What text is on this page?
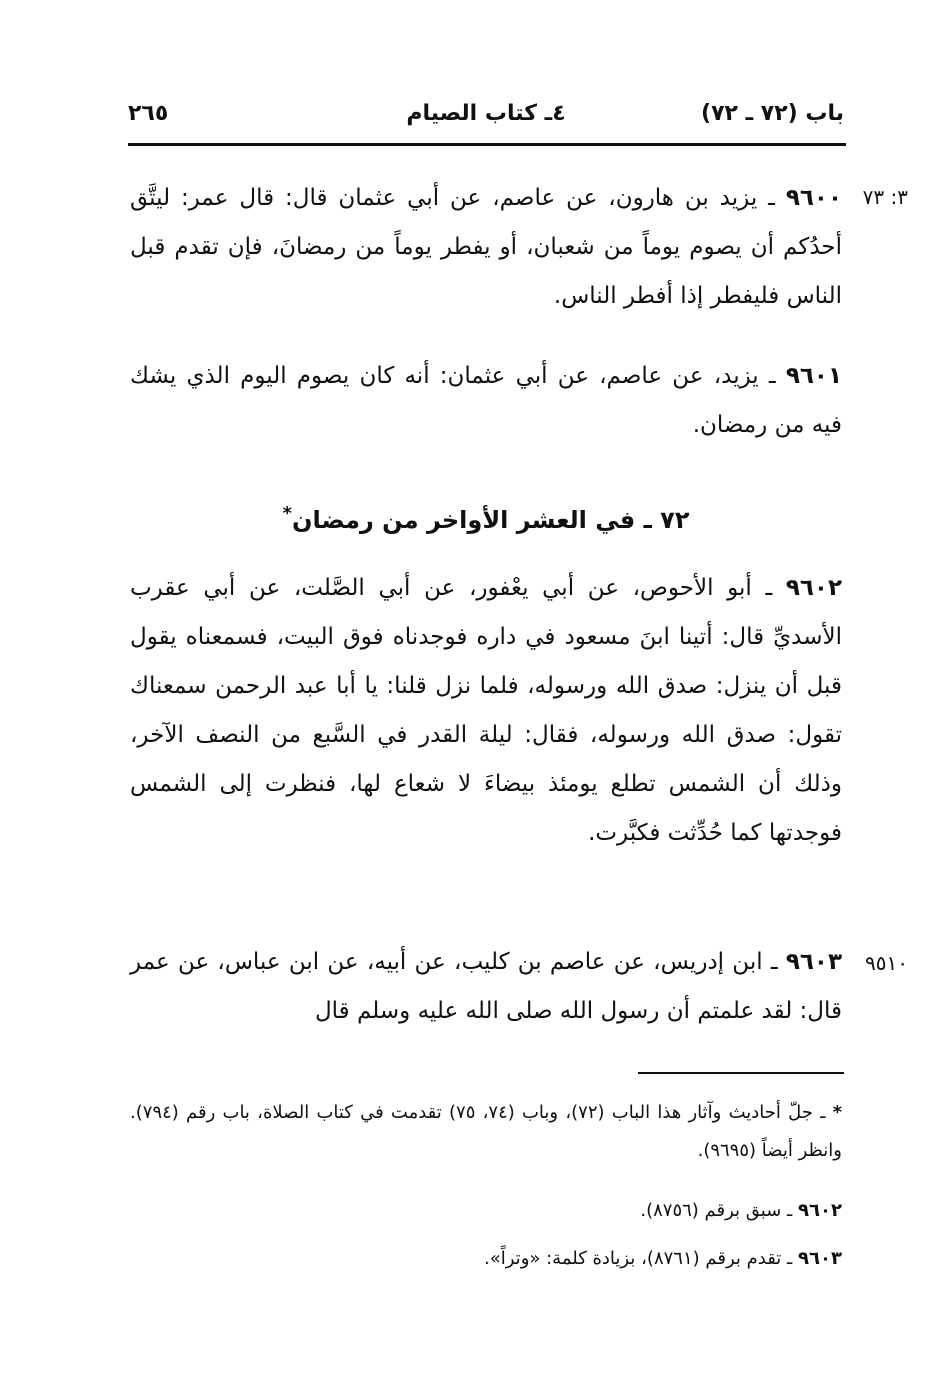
باب (٧٢ ـ ٧٢)
٤ـ كتاب الصيام
٢٦٥
٣: ٧٣
٩٦٠٠ ـ يزيد بن هارون، عن عاصم، عن أبي عثمان قال: قال عمر: ليتَّق أحدُكم أن يصوم يوماً من شعبان، أو يفطر يوماً من رمضانَ، فإن تقدم قبل الناس فليفطر إذا أفطر الناس.
٩٦٠١ ـ يزيد، عن عاصم، عن أبي عثمان: أنه كان يصوم اليوم الذي يشك فيه من رمضان.
٧٢ ـ في العشر الأواخر من رمضان*
٩٦٠٢ ـ أبو الأحوص، عن أبي يعْفور، عن أبي الصَّلت، عن أبي عقرب الأسديِّ قال: أتينا ابنَ مسعود في داره فوجدناه فوق البيت، فسمعناه يقول قبل أن ينزل: صدق الله ورسوله، فلما نزل قلنا: يا أبا عبد الرحمن سمعناك تقول: صدق الله ورسوله، فقال: ليلة القدر في السَّبع من النصف الآخر، وذلك أن الشمس تطلع يومئذ بيضاءَ لا شعاع لها، فنظرت إلى الشمس فوجدتها كما حُدِّثت فكبَّرت.
٩٥١٠
٩٦٠٣ ـ ابن إدريس، عن عاصم بن كليب، عن أبيه، عن ابن عباس، عن عمر قال: لقد علمتم أن رسول الله صلى الله عليه وسلم قال
* ـ جلّ أحاديث وآثار هذا الباب (٧٢)، وباب (٧٤، ٧٥) تقدمت في كتاب الصلاة، باب رقم (٧٩٤). وانظر أيضاً (٩٦٩٥).
٩٦٠٢ ـ سبق برقم (٨٧٥٦).
٩٦٠٣ ـ تقدم برقم (٨٧٦١)، بزيادة كلمة: «وتراً».
